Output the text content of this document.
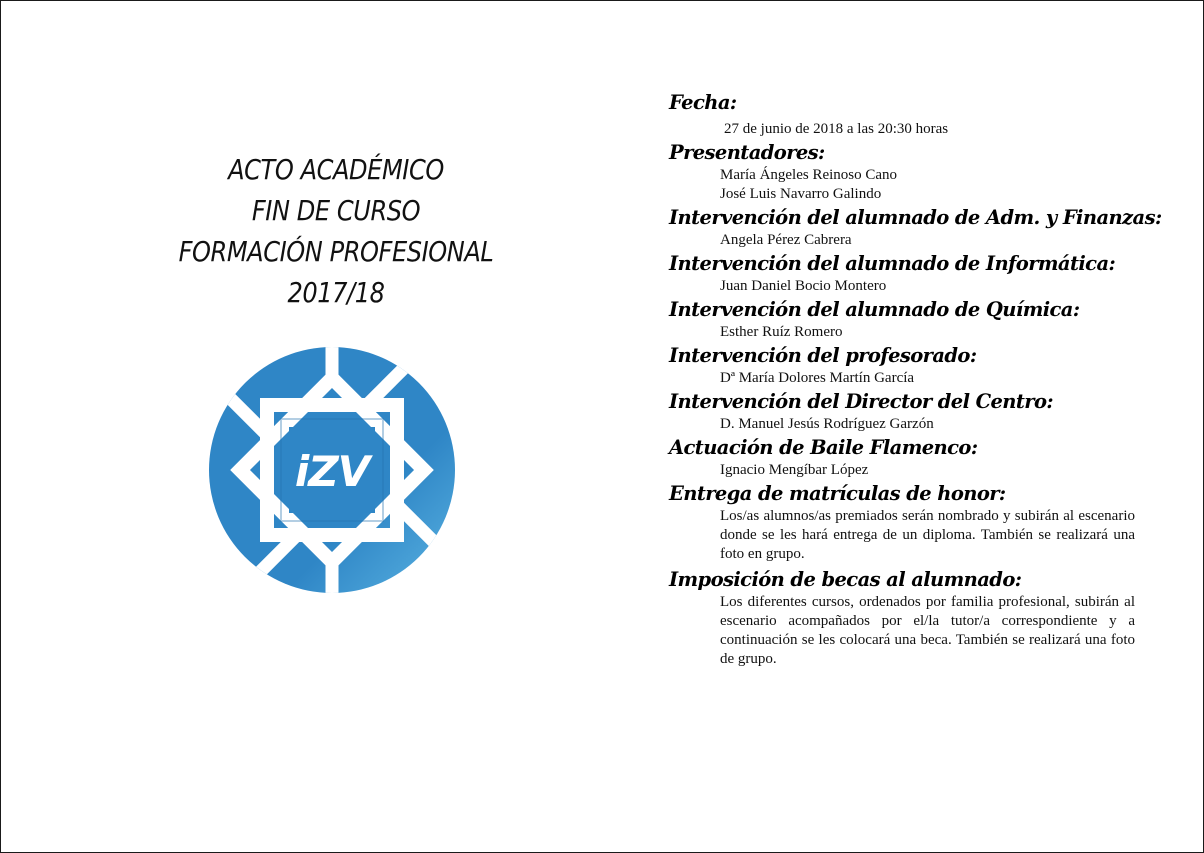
ACTO ACADÉMICO
FIN DE CURSO
FORMACIÓN PROFESIONAL
2017/18
iZV
Fecha:
27 de junio de 2018 a las 20:30 horas
Presentadores:
María Ángeles Reinoso Cano
José Luis Navarro Galindo
Intervención del alumnado de Adm. y Finanzas:
Angela Pérez Cabrera
Intervención del alumnado de Informática:
Juan Daniel Bocio Montero
Intervención del alumnado de Química:
Esther Ruíz Romero
Intervención del profesorado:
Dª María Dolores Martín García
Intervención del Director del Centro:
D. Manuel Jesús Rodríguez Garzón
Actuación de Baile Flamenco:
Ignacio Mengíbar López
Entrega de matrículas de honor:
Los/as alumnos/as premiados serán nombrado y subirán al escenario donde se les hará entrega de un diploma. También se realizará una foto en grupo.
Imposición de becas al alumnado:
Los diferentes cursos, ordenados por familia profesional, subirán al escenario acompañados por el/la tutor/a correspondiente y a continuación se les colocará una beca. También se realizará una foto de grupo.
